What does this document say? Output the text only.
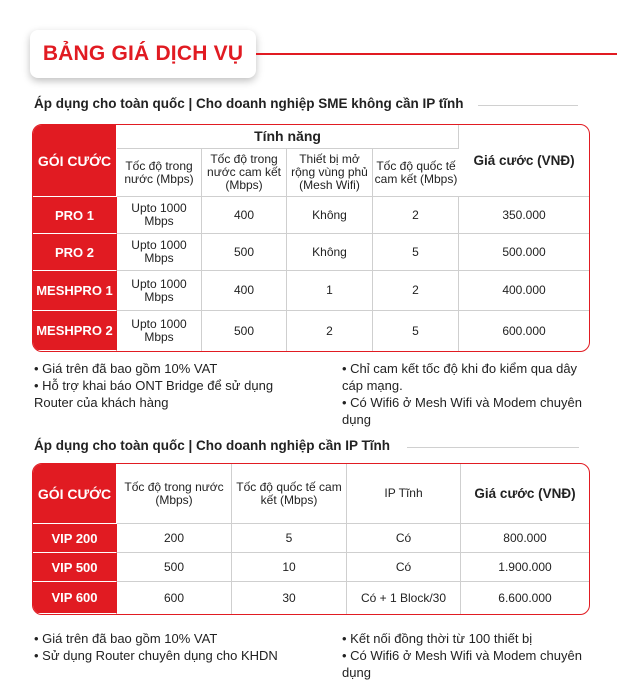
BẢNG GIÁ DỊCH VỤ
Áp dụng cho toàn quốc | Cho doanh nghiệp SME không cần IP tĩnh
GÓI CƯỚC	Tính năng				Giá cước (VNĐ)
	Tốc độ trong nước (Mbps)	Tốc độ trong nước cam kết (Mbps)	Thiết bị mở rộng vùng phủ (Mesh Wifi)	Tốc độ quốc tế cam kết (Mbps)	
PRO 1	Upto 1000 Mbps	400	Không	2	350.000
PRO 2	Upto 1000 Mbps	500	Không	5	500.000
MESHPRO 1	Upto 1000 Mbps	400	1	2	400.000
MESHPRO 2	Upto 1000 Mbps	500	2	5	600.000
• Giá trên đã bao gồm 10% VAT
• Hỗ trợ khai báo ONT Bridge để sử dụng Router của khách hàng
• Chỉ cam kết tốc độ khi đo kiểm qua dây cáp mạng.
• Có Wifi6 ở Mesh Wifi và Modem chuyên dụng
Áp dụng cho toàn quốc | Cho doanh nghiệp cần IP Tĩnh
GÓI CƯỚC	Tốc độ trong nước (Mbps)	Tốc độ quốc tế cam kết (Mbps)	IP Tĩnh	Giá cước (VNĐ)
VIP 200	200	5	Có	800.000
VIP 500	500	10	Có	1.900.000
VIP 600	600	30	Có + 1 Block/30	6.600.000
• Giá trên đã bao gồm 10% VAT
• Sử dụng Router chuyên dụng cho KHDN
• Kết nối đồng thời từ 100 thiết bị
• Có Wifi6 ở Mesh Wifi và Modem chuyên dụng
